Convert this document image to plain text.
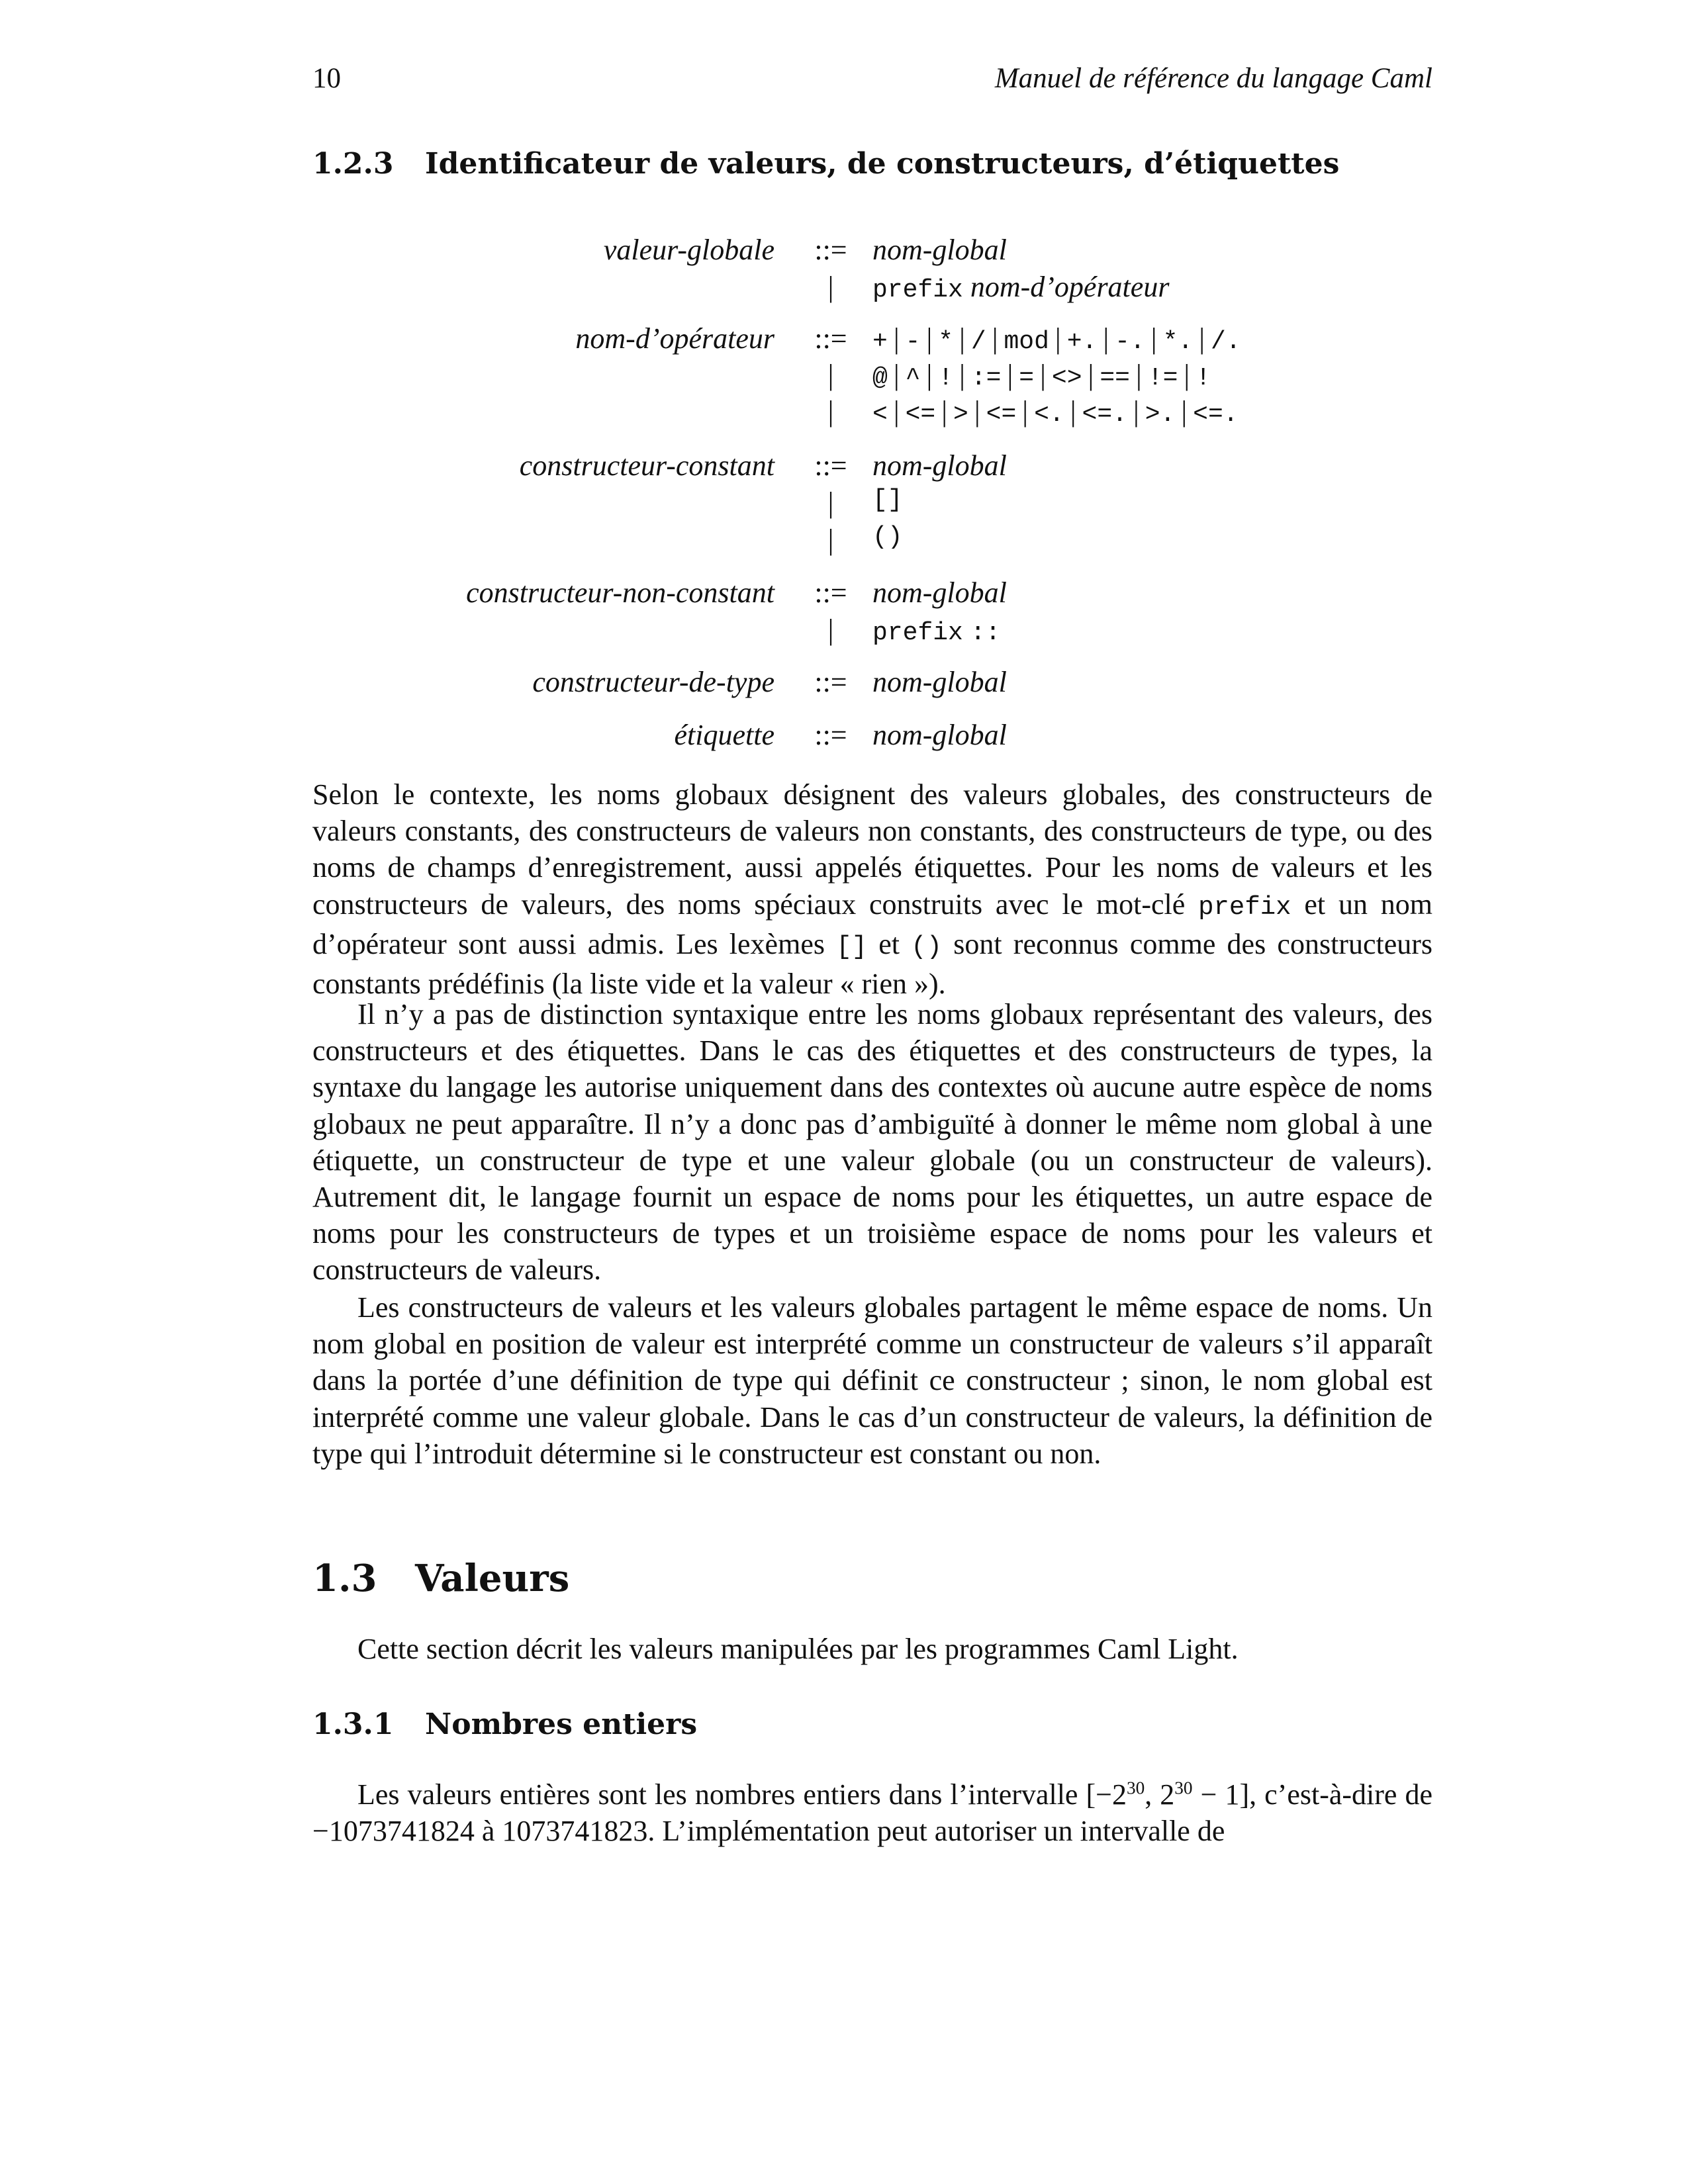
10	Manuel de référence du langage Caml
1.2.3 Identificateur de valeurs, de constructeurs, d’étiquettes
valeur-globale ::= nom-global
|	prefix nom-d’opérateur
nom-d’opérateur ::= + | - | * | / | mod | +. | -. | *. | /.
|	@ | ^ | ! | := | = | <> | == | != | !
|	< | <= | > | <= | <. | <=. | >. | <=.
constructeur-constant ::= nom-global
|	[]
|	()
constructeur-non-constant ::= nom-global
|	prefix ::
constructeur-de-type ::= nom-global
étiquette ::= nom-global
Selon le contexte, les noms globaux désignent des valeurs globales, des constructeurs de valeurs constants, des constructeurs de valeurs non constants, des constructeurs de type, ou des noms de champs d’enregistrement, aussi appelés étiquettes. Pour les noms de valeurs et les constructeurs de valeurs, des noms spéciaux construits avec le mot-clé prefix et un nom d’opérateur sont aussi admis. Les lexèmes [] et () sont reconnus comme des constructeurs constants prédéfinis (la liste vide et la valeur « rien »).
Il n’y a pas de distinction syntaxique entre les noms globaux représentant des valeurs, des constructeurs et des étiquettes. Dans le cas des étiquettes et des constructeurs de types, la syntaxe du langage les autorise uniquement dans des contextes où aucune autre espèce de noms globaux ne peut apparaître. Il n’y a donc pas d’ambiguïté à donner le même nom global à une étiquette, un constructeur de type et une valeur globale (ou un constructeur de valeurs). Autrement dit, le langage fournit un espace de noms pour les étiquettes, un autre espace de noms pour les constructeurs de types et un troisième espace de noms pour les valeurs et constructeurs de valeurs.
Les constructeurs de valeurs et les valeurs globales partagent le même espace de noms. Un nom global en position de valeur est interprété comme un constructeur de valeurs s’il apparaît dans la portée d’une définition de type qui définit ce constructeur ; sinon, le nom global est interprété comme une valeur globale. Dans le cas d’un constructeur de valeurs, la définition de type qui l’introduit détermine si le constructeur est constant ou non.
1.3 Valeurs
Cette section décrit les valeurs manipulées par les programmes Caml Light.
1.3.1 Nombres entiers
Les valeurs entières sont les nombres entiers dans l’intervalle [$-2^{30}$, $2^{30} - 1$], c’est-à-dire de −1073741824 à 1073741823. L’implémentation peut autoriser un intervalle de
